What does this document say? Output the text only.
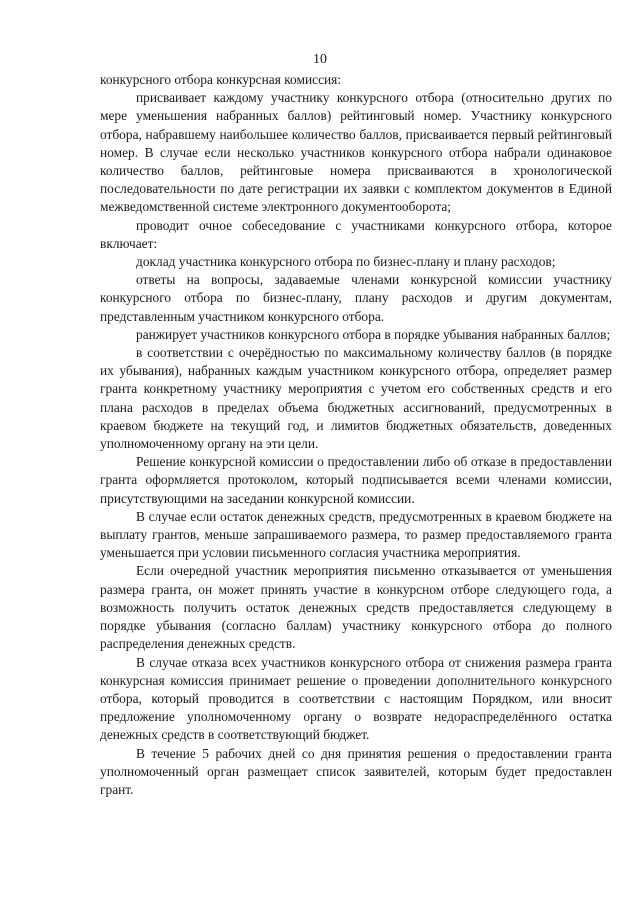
10

конкурсного отбора конкурсная комиссия:

присваивает каждому участнику конкурсного отбора (относительно других по мере уменьшения набранных баллов) рейтинговый номер. Участнику конкурсного отбора, набравшему наибольшее количество баллов, присваивается первый рейтинговый номер. В случае если несколько участников конкурсного отбора набрали одинаковое количество баллов, рейтинговые номера присваиваются в хронологической последовательности по дате регистрации их заявки с комплектом документов в Единой межведомственной системе электронного документооборота;

проводит очное собеседование с участниками конкурсного отбора, которое включает:

доклад участника конкурсного отбора по бизнес-плану и плану расходов;

ответы на вопросы, задаваемые членами конкурсной комиссии участнику конкурсного отбора по бизнес-плану, плану расходов и другим документам, представленным участником конкурсного отбора.

ранжирует участников конкурсного отбора в порядке убывания набранных баллов;

в соответствии с очерёдностью по максимальному количеству баллов (в порядке их убывания), набранных каждым участником конкурсного отбора, определяет размер гранта конкретному участнику мероприятия с учетом его собственных средств и его плана расходов в пределах объема бюджетных ассигнований, предусмотренных в краевом бюджете на текущий год, и лимитов бюджетных обязательств, доведенных уполномоченному органу на эти цели.

Решение конкурсной комиссии о предоставлении либо об отказе в предоставлении гранта оформляется протоколом, который подписывается всеми членами комиссии, присутствующими на заседании конкурсной комиссии.

В случае если остаток денежных средств, предусмотренных в краевом бюджете на выплату грантов, меньше запрашиваемого размера, то размер предоставляемого гранта уменьшается при условии письменного согласия участника мероприятия.

Если очередной участник мероприятия письменно отказывается от уменьшения размера гранта, он может принять участие в конкурсном отборе следующего года, а возможность получить остаток денежных средств предоставляется следующему в порядке убывания (согласно баллам) участнику конкурсного отбора до полного распределения денежных средств.

В случае отказа всех участников конкурсного отбора от снижения размера гранта конкурсная комиссия принимает решение о проведении дополнительного конкурсного отбора, который проводится в соответствии с настоящим Порядком, или вносит предложение уполномоченному органу о возврате недораспределённого остатка денежных средств в соответствующий бюджет.

В течение 5 рабочих дней со дня принятия решения о предоставлении гранта уполномоченный орган размещает список заявителей, которым будет предоставлен грант.
